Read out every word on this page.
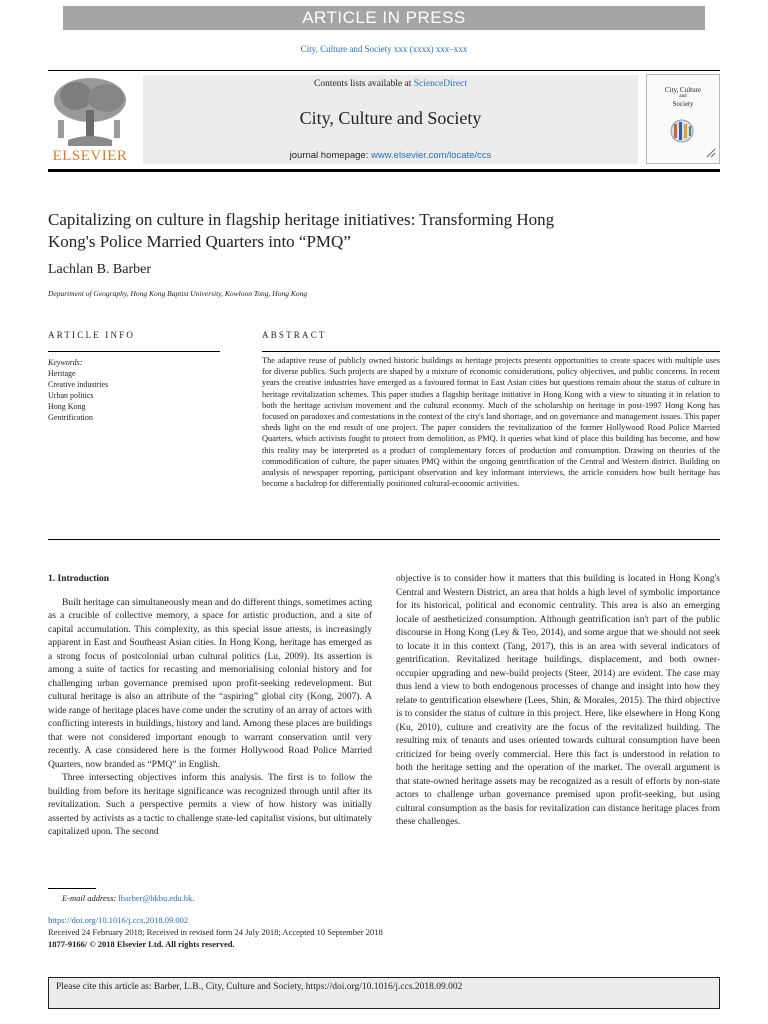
ARTICLE IN PRESS
City, Culture and Society xxx (xxxx) xxx–xxx
ELSEVIER
Contents lists available at ScienceDirect
City, Culture and Society
journal homepage: www.elsevier.com/locate/ccs
City, Culture
and
Society
Capitalizing on culture in flagship heritage initiatives: Transforming Hong
Kong's Police Married Quarters into “PMQ”
Lachlan B. Barber
Department of Geography, Hong Kong Baptist University, Kowloon Tong, Hong Kong
ARTICLE INFO	ABSTRACT
Keywords:
Heritage
Creative industries
Urban politics
Hong Kong
Gentrification
The adaptive reuse of publicly owned historic buildings as heritage projects presents opportunities to create spaces with multiple uses for diverse publics. Such projects are shaped by a mixture of economic considerations, policy objectives, and public concerns. In recent years the creative industries have emerged as a favoured format in East Asian cities but questions remain about the status of culture in heritage revitalization schemes. This paper studies a flagship heritage initiative in Hong Kong with a view to situating it in relation to both the heritage activism movement and the cultural economy. Much of the scholarship on heritage in post-1997 Hong Kong has focused on paradoxes and contestations in the context of the city's land shortage, and on governance and management issues. This paper sheds light on the end result of one project. The paper considers the revitalization of the former Hollywood Road Police Married Quarters, which activists fought to protect from demolition, as PMQ. It queries what kind of place this building has become, and how this reality may be interpreted as a product of complementary forces of production and consumption. Drawing on theories of the commodification of culture, the paper situates PMQ within the ongoing gentrification of the Central and Western district. Building on analysis of newspaper reporting, participant observation and key informant interviews, the article considers how built heritage has become a backdrop for differentially positioned cultural-economic activities.

1. Introduction

Built heritage can simultaneously mean and do different things, sometimes acting as a crucible of collective memory, a space for artistic production, and a site of capital accumulation. This complexity, as this special issue attests, is increasingly apparent in East and Southeast Asian cities. In Hong Kong, heritage has emerged as a strong focus of postcolonial urban cultural politics (Lu, 2009). Its assertion is among a suite of tactics for recasting and memorialising colonial history and for challenging urban governance premised upon profit-seeking redevelopment. But cultural heritage is also an attribute of the “aspiring” global city (Kong, 2007). A wide range of heritage places have come under the scrutiny of an array of actors with conflicting interests in buildings, history and land. Among these places are buildings that were not considered important enough to warrant conservation until very recently. A case considered here is the former Hollywood Road Police Married Quarters, now branded as “PMQ” in English.

Three intersecting objectives inform this analysis. The first is to follow the building from before its heritage significance was recognized through until after its revitalization. Such a perspective permits a view of how history was initially asserted by activists as a tactic to challenge state-led capitalist visions, but ultimately capitalized upon. The second

objective is to consider how it matters that this building is located in Hong Kong's Central and Western District, an area that holds a high level of symbolic importance for its historical, political and economic centrality. This area is also an emerging locale of aestheticized consumption. Although gentrification isn't part of the public discourse in Hong Kong (Ley & Teo, 2014), and some argue that we should not seek to locate it in this context (Tang, 2017), this is an area with several indicators of gentrification. Revitalized heritage buildings, displacement, and both owner-occupier upgrading and new-build projects (Steer, 2014) are evident. The case may thus lend a view to both endogenous processes of change and insight into how they relate to gentrification elsewhere (Lees, Shin, & Morales, 2015). The third objective is to consider the status of culture in this project. Here, like elsewhere in Hong Kong (Ku, 2010), culture and creativity are the focus of the revitalized building. The resulting mix of tenants and uses oriented towards cultural consumption have been criticized for being overly commercial. Here this fact is understood in relation to both the heritage setting and the operation of the market. The overall argument is that state-owned heritage assets may be recognized as a result of efforts by non-state actors to challenge urban governance premised upon profit-seeking, but using cultural consumption as the basis for revitalization can distance heritage places from these challenges.

E-mail address: lbarber@hkbu.edu.hk.
https://doi.org/10.1016/j.ccs.2018.09.002
Received 24 February 2018; Received in revised form 24 July 2018; Accepted 10 September 2018
1877-9166/ © 2018 Elsevier Ltd. All rights reserved.
Please cite this article as: Barber, L.B., City, Culture and Society, https://doi.org/10.1016/j.ccs.2018.09.002
